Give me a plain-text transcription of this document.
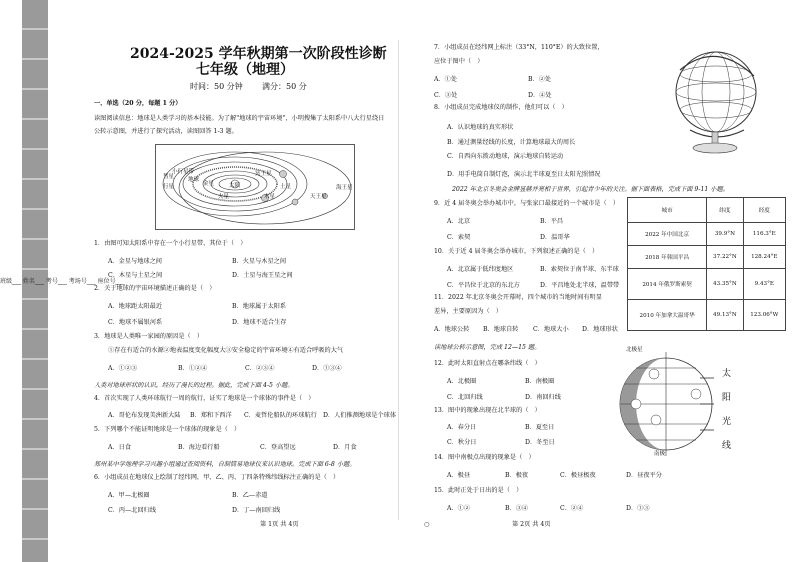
班级___ 姓名___ 考号___ 考场号___ 座位号___
2024-2025 学年秋期第一次阶段性诊断
七年级（地理）
时间：50 分钟 满分：50 分
一、单选（20 分，每题 1 分）
读图阅读信息：地球是人类学习的基本技能。为了解"地球的宇宙环境"，小明搜集了太阳系中八大行星绕日
公转示意图，并进行了探究活动，读图回答 1-3 题。
小行星带
彗星
行星	金星
地球
火星
土星
木星	天王星
海王星
冥王星
太阳
1．由图可知太阳系中存在一个小行星带，其位于（　）
A．金星与地球之间	B．火星与木星之间
C．木星与土星之间	D．土星与海王星之间
2．关于地球的宇宙环境描述正确的是（　）
A．地球距太阳最近	B．地球属于太阳系
C．地球不属银河系	D．地球不适合生存
3．地球是人类唯一家园的原因是（　）
①存在有适合的水源②地表温度变化幅度大③安全稳定的宇宙环境④有适合呼吸的大气
A．①②③	B．①②④	C．②③④	D．①③④
人类对地球形状的认识，经历了漫长的过程。据此，完成下面 4-5 小题。
4．首次实现了人类环球航行一周的航行，证实了地球是一个球体的事件是（　）
A．哥伦布发现美洲新大陆 B．郑和下西洋 C．麦哲伦船队的环球航行 D．人们推测地球是个球体
5．下列哪个不能证明地球是一个球体的现象是（　）
A．日食	B．海边看行船	C．登高望远	D．月食
郑州某中学地理学习兴趣小组通过查阅资料，自制简易地球仪来认识地球。完成下面 6-8 小题。
6．小组成员在地球仪上绘制了经纬网，甲、乙、丙、丁四条特殊纬线标注正确的是（　）
A．甲—北极圈	B．乙—赤道
C．丙—北回归线	D．丁—南回归线
第 1页 共 4页	○
7．小组成员在经纬网上标注（33°N，110°E）的大致位置，
应位于图中（　）
A．①处	B．②处
C．③处	D．④处
8．小组成员完成地球仪的制作，他们可以（　）
A．认识地球的真实形状
B．通过测量经线的长度，计算地球最大的周长
C．自西向东拨动地球，演示地球自转运动
D．用手电筒自制灯泡，演示北半球夏至日太阳光照情况
2022 年北京冬奥会金牌显赫并亮相于世界，引起青少年的关注。据下面表格，完成下面 9-11 小题。
9．近 4 届冬奥会举办城市中，与张家口最接近的一个城市是（　）
A．北京	B．平昌
C．索契	D．温哥华
10．关于近 4 届冬奥会举办城市，下列叙述正确的是（　）
A．北京属于低纬度地区	B．索契位于南半球、东半球
C．平昌位于北京的东北方	D．平昌地处北半球，温带带
11．2022 年北京冬奥会开幕时，四个城市的当地时间有明显
差异，主要原因为（　）
A．地球公转 B．地球自转 C．地球大小 D．地球形状
城市	纬度	经度
2022 年中国北京	39.9°N	116.3°E
2018 年韩国平昌	37.22°N	128.24°E
2014 年俄罗斯索契	43.35°N	9.43°E
2010 年加拿大温哥华	49.13°N	123.06°W
读地球公转示意图，完成 12—15 题。	北极星
太
阳
光
线
南极
12．此时太阳直射点在哪条纬线（　）
A．北极圈	B．南极圈
C．北回归线	D．南回归线
13．图中的现象出现在北半球的（　）
A．春分日	B．夏至日
C．秋分日	D．冬至日
14．图中南极点出现的现象是（　）
A．极昼	B．极夜	C．极昼极夜	D．昼夜平分
15．此时正处于日出的是（　）
A．①②	B．③④	C．②④	D．①③
第 2页 共 4页
